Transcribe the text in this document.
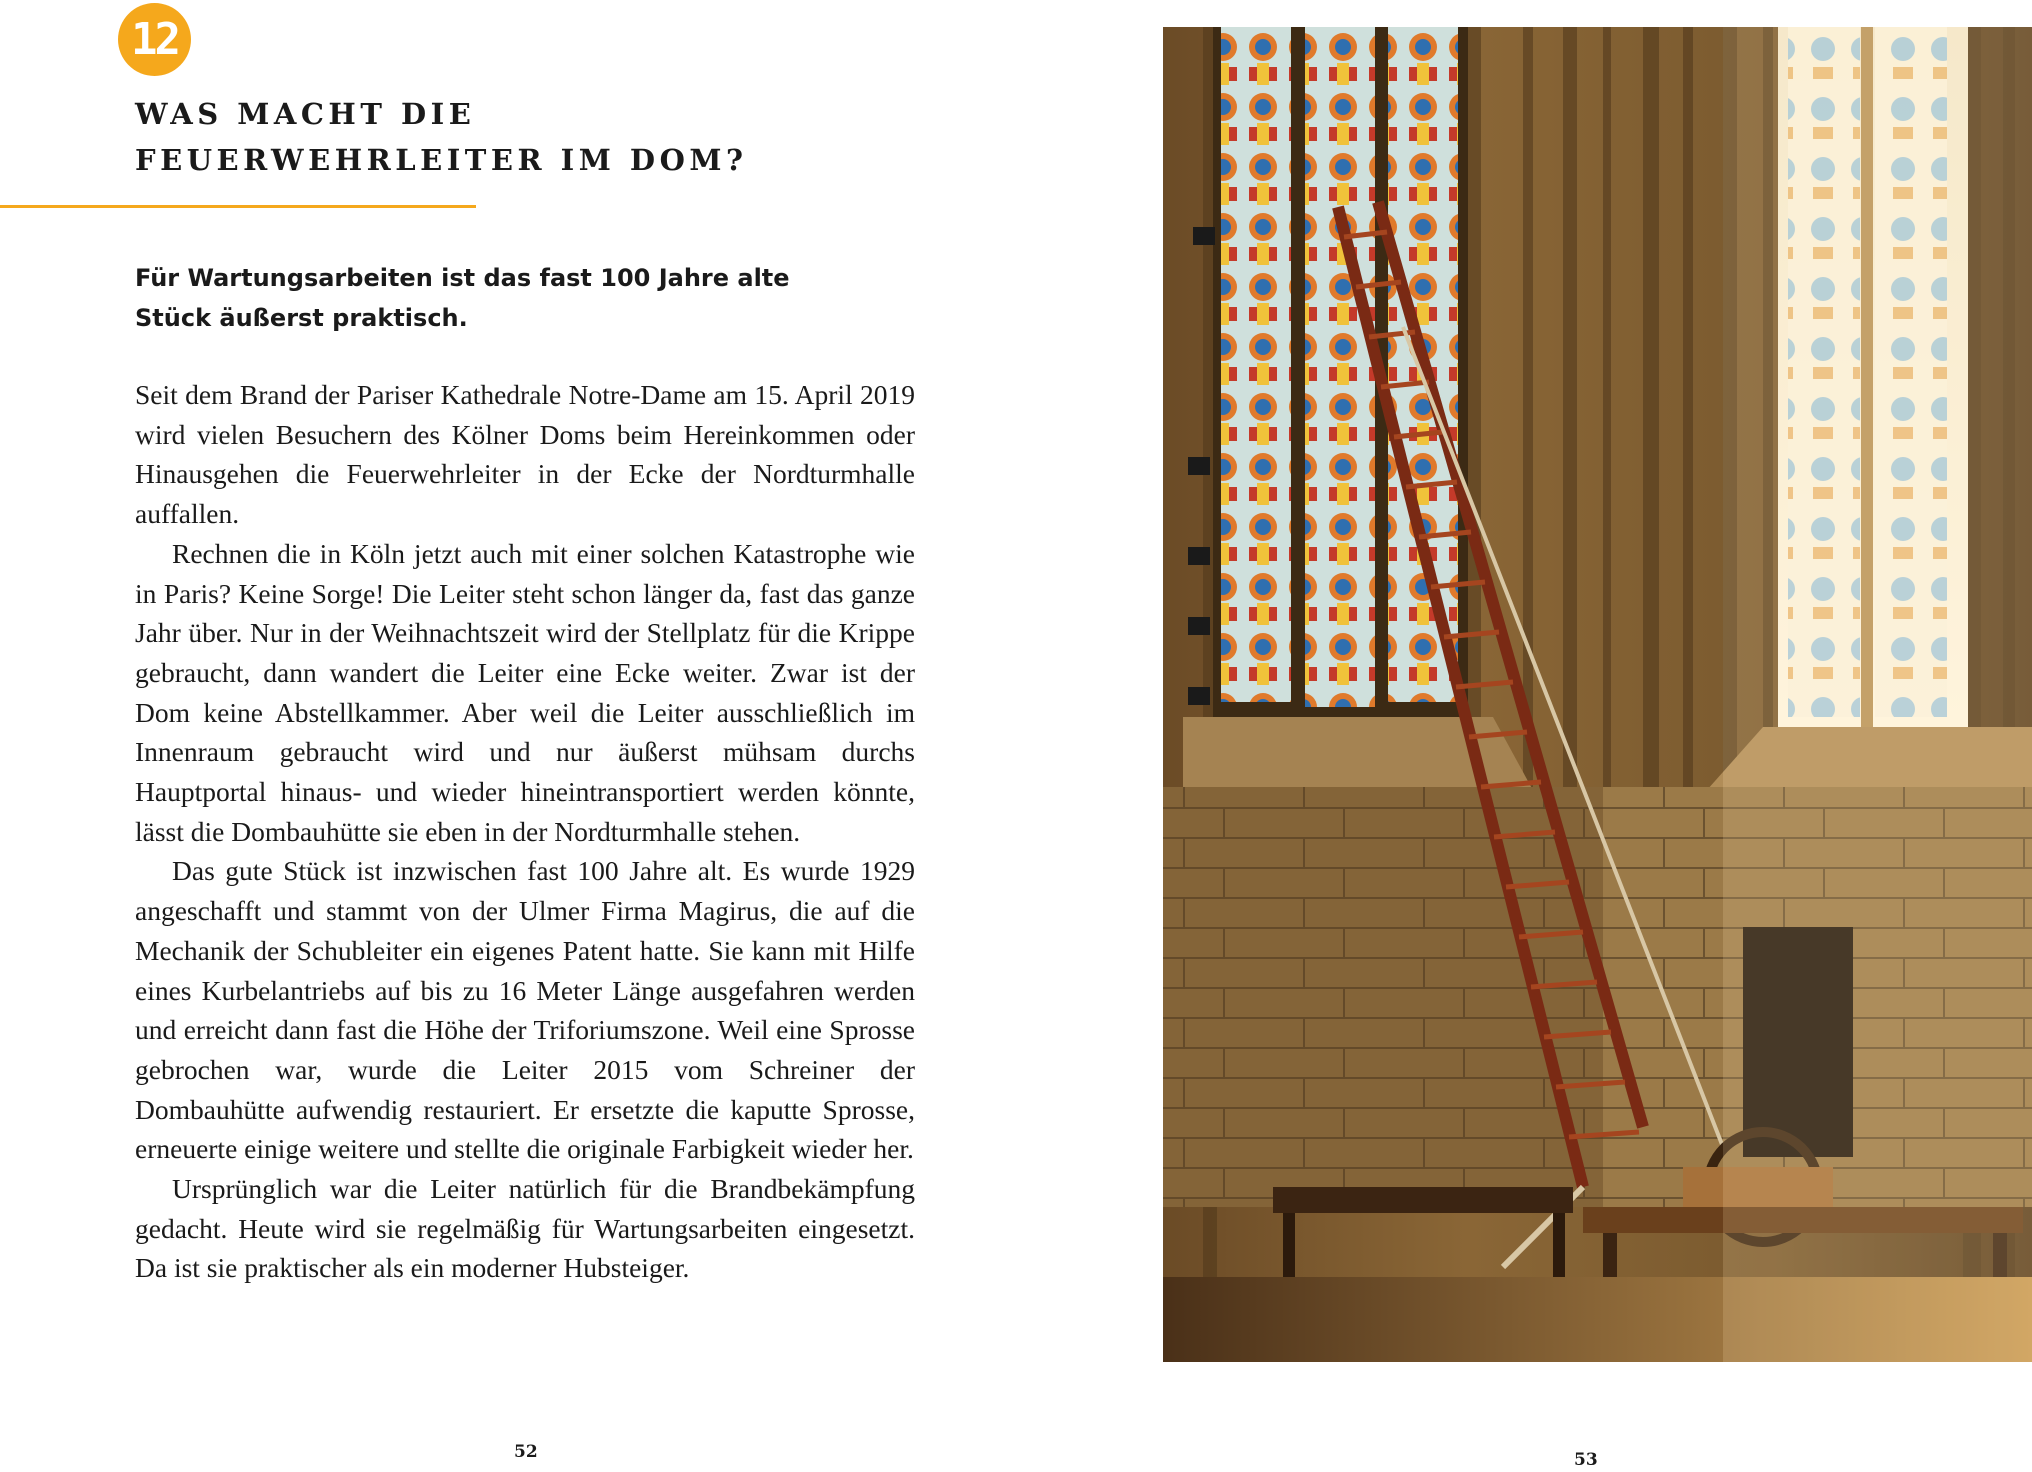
12
WAS MACHT DIE FEUERWEHRLEITER IM DOM?

Für Wartungsarbeiten ist das fast 100 Jahre alte Stück äußerst praktisch.

Seit dem Brand der Pariser Kathedrale Notre-Dame am 15. April 2019 wird vielen Besuchern des Kölner Doms beim Hereinkommen oder Hinausgehen die Feuerwehrleiter in der Ecke der Nordturmhalle auffallen.

Rechnen die in Köln jetzt auch mit einer solchen Katastrophe wie in Paris? Keine Sorge! Die Leiter steht schon länger da, fast das ganze Jahr über. Nur in der Weihnachtszeit wird der Stellplatz für die Krippe gebraucht, dann wandert die Leiter eine Ecke weiter. Zwar ist der Dom keine Abstellkammer. Aber weil die Leiter ausschließlich im Innenraum gebraucht wird und nur äußerst mühsam durchs Hauptportal hinaus- und wieder hineintransportiert werden könnte, lässt die Dombauhütte sie eben in der Nordturmhalle stehen.

Das gute Stück ist inzwischen fast 100 Jahre alt. Es wurde 1929 angeschafft und stammt von der Ulmer Firma Magirus, die auf die Mechanik der Schubleiter ein eigenes Patent hatte. Sie kann mit Hilfe eines Kurbelantriebs auf bis zu 16 Meter Länge ausgefahren werden und erreicht dann fast die Höhe der Triforiumszone. Weil eine Sprosse gebrochen war, wurde die Leiter 2015 vom Schreiner der Dombauhütte aufwendig restauriert. Er ersetzte die kaputte Sprosse, erneuerte einige weitere und stellte die originale Farbigkeit wieder her.

Ursprünglich war die Leiter natürlich für die Brandbekämpfung gedacht. Heute wird sie regelmäßig für Wartungsarbeiten eingesetzt. Da ist sie praktischer als ein moderner Hubsteiger.

52	53
